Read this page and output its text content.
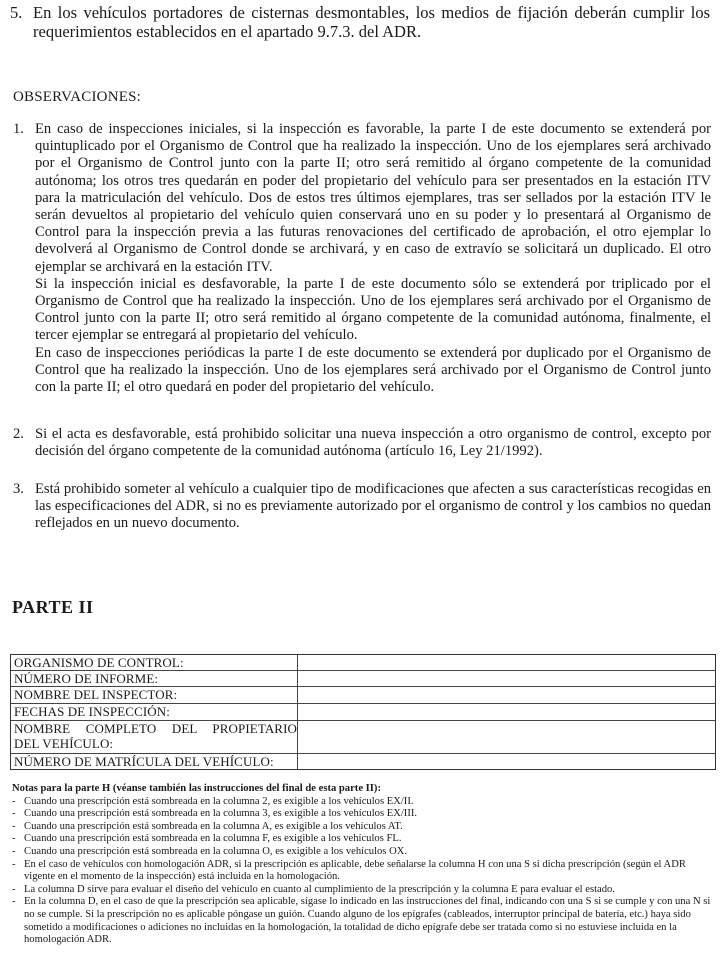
5. En los vehículos portadores de cisternas desmontables, los medios de fijación deberán cumplir los requerimientos establecidos en el apartado 9.7.3. del ADR.
OBSERVACIONES:
1. En caso de inspecciones iniciales, si la inspección es favorable, la parte I de este documento se extenderá por quintuplicado por el Organismo de Control que ha realizado la inspección. Uno de los ejemplares será archivado por el Organismo de Control junto con la parte II; otro será remitido al órgano competente de la comunidad autónoma; los otros tres quedarán en poder del propietario del vehículo para ser presentados en la estación ITV para la matriculación del vehículo. Dos de estos tres últimos ejemplares, tras ser sellados por la estación ITV le serán devueltos al propietario del vehículo quien conservará uno en su poder y lo presentará al Organismo de Control para la inspección previa a las futuras renovaciones del certificado de aprobación, el otro ejemplar lo devolverá al Organismo de Control donde se archivará, y en caso de extravío se solicitará un duplicado. El otro ejemplar se archivará en la estación ITV.

Si la inspección inicial es desfavorable, la parte I de este documento sólo se extenderá por triplicado por el Organismo de Control que ha realizado la inspección. Uno de los ejemplares será archivado por el Organismo de Control junto con la parte II; otro será remitido al órgano competente de la comunidad autónoma, finalmente, el tercer ejemplar se entregará al propietario del vehículo.

En caso de inspecciones periódicas la parte I de este documento se extenderá por duplicado por el Organismo de Control que ha realizado la inspección. Uno de los ejemplares será archivado por el Organismo de Control junto con la parte II; el otro quedará en poder del propietario del vehículo.

2. Si el acta es desfavorable, está prohibido solicitar una nueva inspección a otro organismo de control, excepto por decisión del órgano competente de la comunidad autónoma (artículo 16, Ley 21/1992).

3. Está prohibido someter al vehículo a cualquier tipo de modificaciones que afecten a sus características recogidas en las especificaciones del ADR, si no es previamente autorizado por el organismo de control y los cambios no quedan reflejados en un nuevo documento.

PARTE II
ORGANISMO DE CONTROL:
NÚMERO DE INFORME:
NOMBRE DEL INSPECTOR:
FECHAS DE INSPECCIÓN:
NOMBRE COMPLETO DEL PROPIETARIO
DEL VEHÍCULO:
NÚMERO DE MATRÍCULA DEL VEHÍCULO:
Notas para la parte H (véanse también las instrucciones del final de esta parte II):
- Cuando una prescripción está sombreada en la columna 2, es exigible a los vehículos EX/II.
- Cuando una prescripción está sombreada en la columna 3, es exigible a los vehículos EX/III.
- Cuando una prescripción está sombreada en la columna A, es exigible a los vehículos AT.
- Cuando una prescripción está sombreada en la columna F, es exigible a los vehículos FL.
- Cuando una prescripción está sombreada en la columna O, es exigible a los vehículos OX.
- En el caso de vehículos con homologación ADR, si la prescripción es aplicable, debe señalarse la columna H con una S si dicha prescripción (según el ADR vigente en el momento de la inspección) está incluida en la homologación.
- La columna D sirve para evaluar el diseño del vehículo en cuanto al cumplimiento de la prescripción y la columna E para evaluar el estado.
- En la columna D, en el caso de que la prescripción sea aplicable, sígase lo indicado en las instrucciones del final, indicando con una S si se cumple y con una N si no se cumple. Si la prescripción no es aplicable póngase un guión. Cuando alguno de los epígrafes (cableados, interruptor principal de batería, etc.) haya sido sometido a modificaciones o adiciones no incluidas en la homologación, la totalidad de dicho epígrafe debe ser tratada como si no estuviese incluida en la homologación ADR.
